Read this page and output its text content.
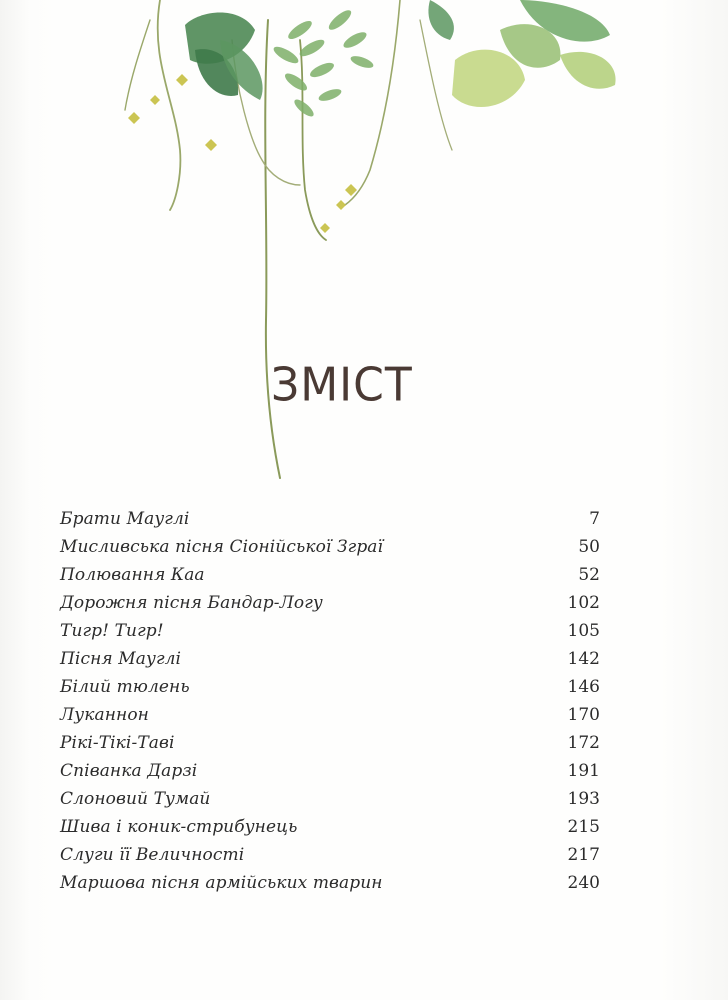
ЗМІСТ
Брати Мауглі	7
Мисливська пісня Сіонійської Зграї	50
Полювання Каа	52
Дорожня пісня Бандар-Логу	102
Тигр! Тигр!	105
Пісня Мауглі	142
Білий тюлень	146
Луканнон	170
Рікі-Тікі-Таві	172
Співанка Дарзі	191
Слоновий Тумай	193
Шива і коник-стрибунець	215
Слуги її Величності	217
Маршова пісня армійських тварин	240
